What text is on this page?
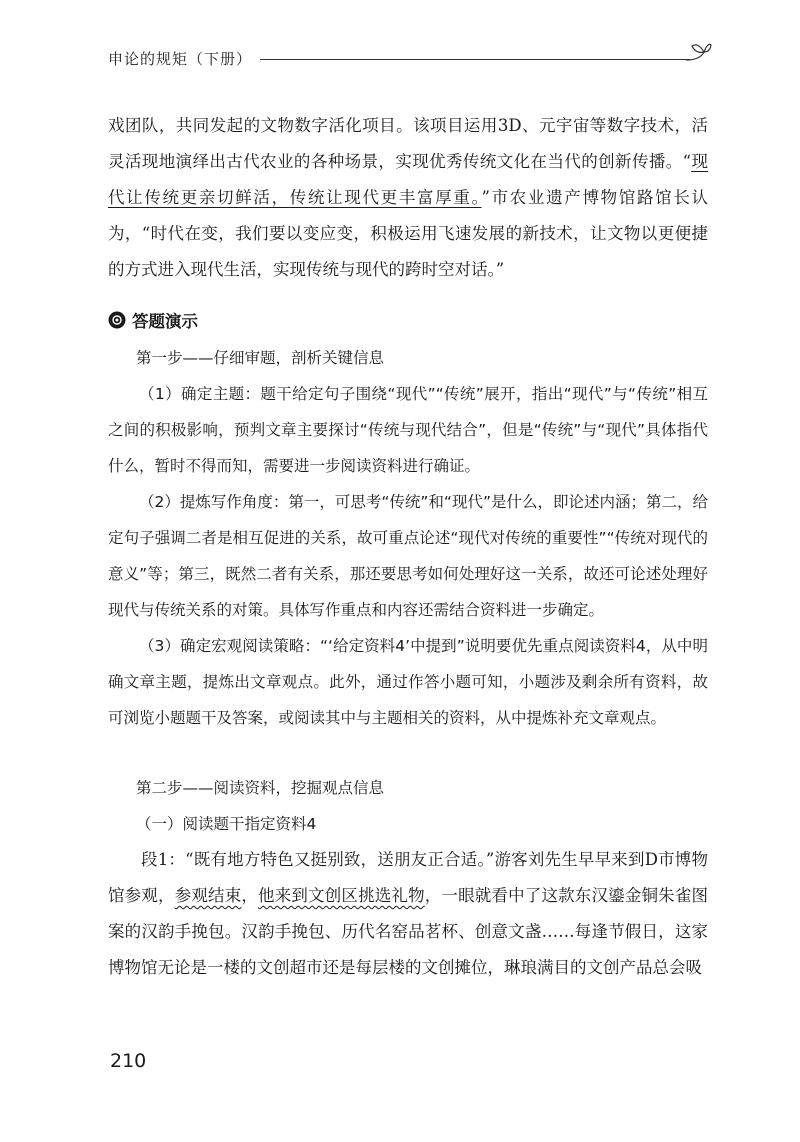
申论的规矩（下册）

戏团队，共同发起的文物数字活化项目。该项目运用3D、元宇宙等数字技术，活灵活现地演绎出古代农业的各种场景，实现优秀传统文化在当代的创新传播。“现代让传统更亲切鲜活，传统让现代更丰富厚重。”市农业遗产博物馆路馆长认为，“时代在变，我们要以变应变，积极运用飞速发展的新技术，让文物以更便捷的方式进入现代生活，实现传统与现代的跨时空对话。”

答题演示

第一步——仔细审题，剖析关键信息

（1）确定主题：题干给定句子围绕“现代”“传统”展开，指出“现代”与“传统”相互之间的积极影响，预判文章主要探讨“传统与现代结合”，但是“传统”与“现代”具体指代什么，暂时不得而知，需要进一步阅读资料进行确证。

（2）提炼写作角度：第一，可思考“传统”和“现代”是什么，即论述内涵；第二，给定句子强调二者是相互促进的关系，故可重点论述“现代对传统的重要性”“传统对现代的意义”等；第三，既然二者有关系，那还要思考如何处理好这一关系，故还可论述处理好现代与传统关系的对策。具体写作重点和内容还需结合资料进一步确定。

（3）确定宏观阅读策略：“‘给定资料4’中提到”说明要优先重点阅读资料4，从中明确文章主题，提炼出文章观点。此外，通过作答小题可知，小题涉及剩余所有资料，故可浏览小题题干及答案，或阅读其中与主题相关的资料，从中提炼补充文章观点。

第二步——阅读资料，挖掘观点信息

（一）阅读题干指定资料4

段1：“既有地方特色又挺别致，送朋友正合适。”游客刘先生早早来到D市博物馆参观，参观结束，他来到文创区挑选礼物，一眼就看中了这款东汉鎏金铜朱雀图案的汉韵手挽包。汉韵手挽包、历代名窑品茗杯、创意文盏……每逢节假日，这家博物馆无论是一楼的文创超市还是每层楼的文创摊位，琳琅满目的文创产品总会吸

210
